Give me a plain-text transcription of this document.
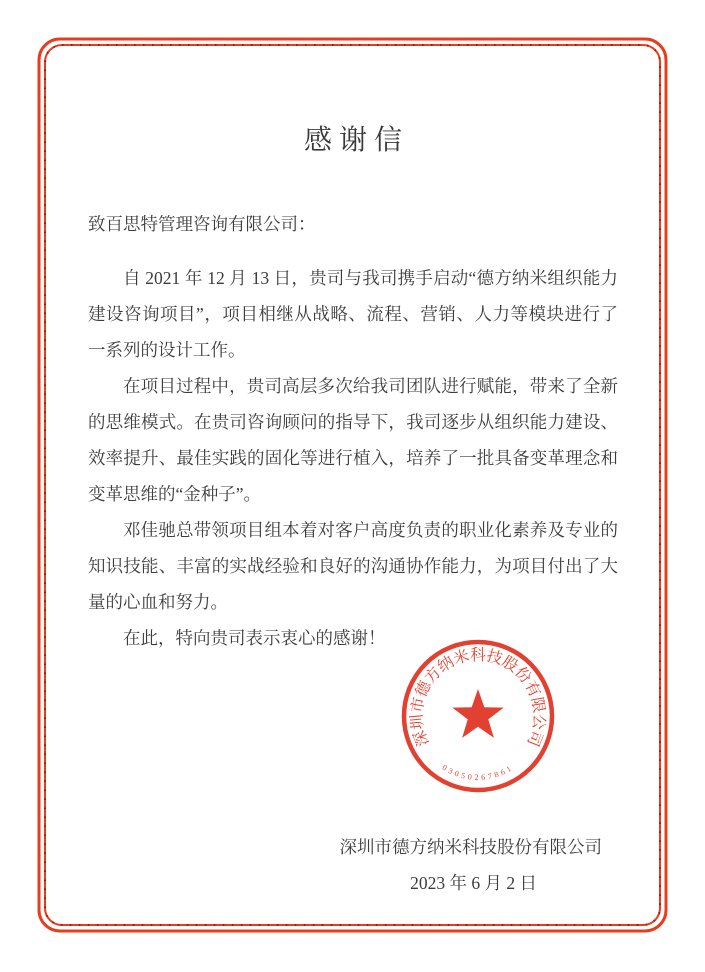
感谢信

致百思特管理咨询有限公司：

自 2021 年 12 月 13 日，贵司与我司携手启动“德方纳米组织能力建设咨询项目”，项目相继从战略、流程、营销、人力等模块进行了一系列的设计工作。

在项目过程中，贵司高层多次给我司团队进行赋能，带来了全新的思维模式。在贵司咨询顾问的指导下，我司逐步从组织能力建设、效率提升、最佳实践的固化等进行植入，培养了一批具备变革理念和变革思维的“金种子”。

邓佳驰总带领项目组本着对客户高度负责的职业化素养及专业的知识技能、丰富的实战经验和良好的沟通协作能力，为项目付出了大量的心血和努力。

在此，特向贵司表示衷心的感谢！

深圳市德方纳米科技股份有限公司
2023 年 6 月 2 日
深圳市德方纳米科技股份有限公司
03050267861
